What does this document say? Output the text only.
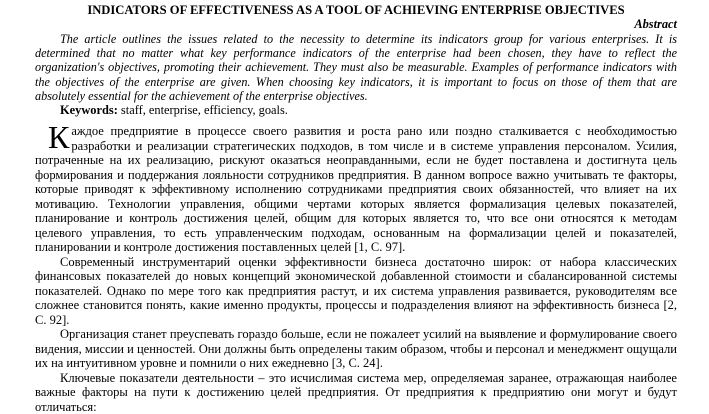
INDICATORS OF EFFECTIVENESS AS A TOOL OF ACHIEVING ENTERPRISE OBJECTIVES

Abstract

The article outlines the issues related to the necessity to determine its indicators group for various enterprises. It is determined that no matter what key performance indicators of the enterprise had been chosen, they have to reflect the organization's objectives, promoting their achievement. They must also be measurable. Examples of performance indicators with the objectives of the enterprise are given. When choosing key indicators, it is important to focus on those of them that are absolutely essential for the achievement of the enterprise objectives.

Keywords: staff, enterprise, efficiency, goals.

Каждое предприятие в процессе своего развития и роста рано или поздно сталкивается с необходимостью разработки и реализации стратегических подходов, в том числе и в системе управления персоналом. Усилия, потраченные на их реализацию, рискуют оказаться неоправданными, если не будет поставлена и достигнута цель формирования и поддержания лояльности сотрудников предприятия. В данном вопросе важно учитывать те факторы, которые приводят к эффективному исполнению сотрудниками предприятия своих обязанностей, что влияет на их мотивацию. Технологии управления, общими чертами которых является формализация целевых показателей, планирование и контроль достижения целей, общим для которых является то, что все они относятся к методам целевого управления, то есть управленческим подходам, основанным на формализации целей и показателей, планировании и контроле достижения поставленных целей [1, С. 97].

Современный инструментарий оценки эффективности бизнеса достаточно широк: от набора классических финансовых показателей до новых концепций экономической добавленной стоимости и сбалансированной системы показателей. Однако по мере того как предприятия растут, и их система управления развивается, руководителям все сложнее становится понять, какие именно продукты, процессы и подразделения влияют на эффективность бизнеса [2, С. 92].

Организация станет преуспевать гораздо больше, если не пожалеет усилий на выявление и формулирование своего видения, миссии и ценностей. Они должны быть определены таким образом, чтобы и персонал и менеджмент ощущали их на интуитивном уровне и помнили о них ежедневно [3, С. 24].

Ключевые показатели деятельности – это исчислимая система мер, определяемая заранее, отражающая наиболее важные факторы на пути к достижению целей предприятия. От предприятия к предприятию они могут и будут отличаться:
